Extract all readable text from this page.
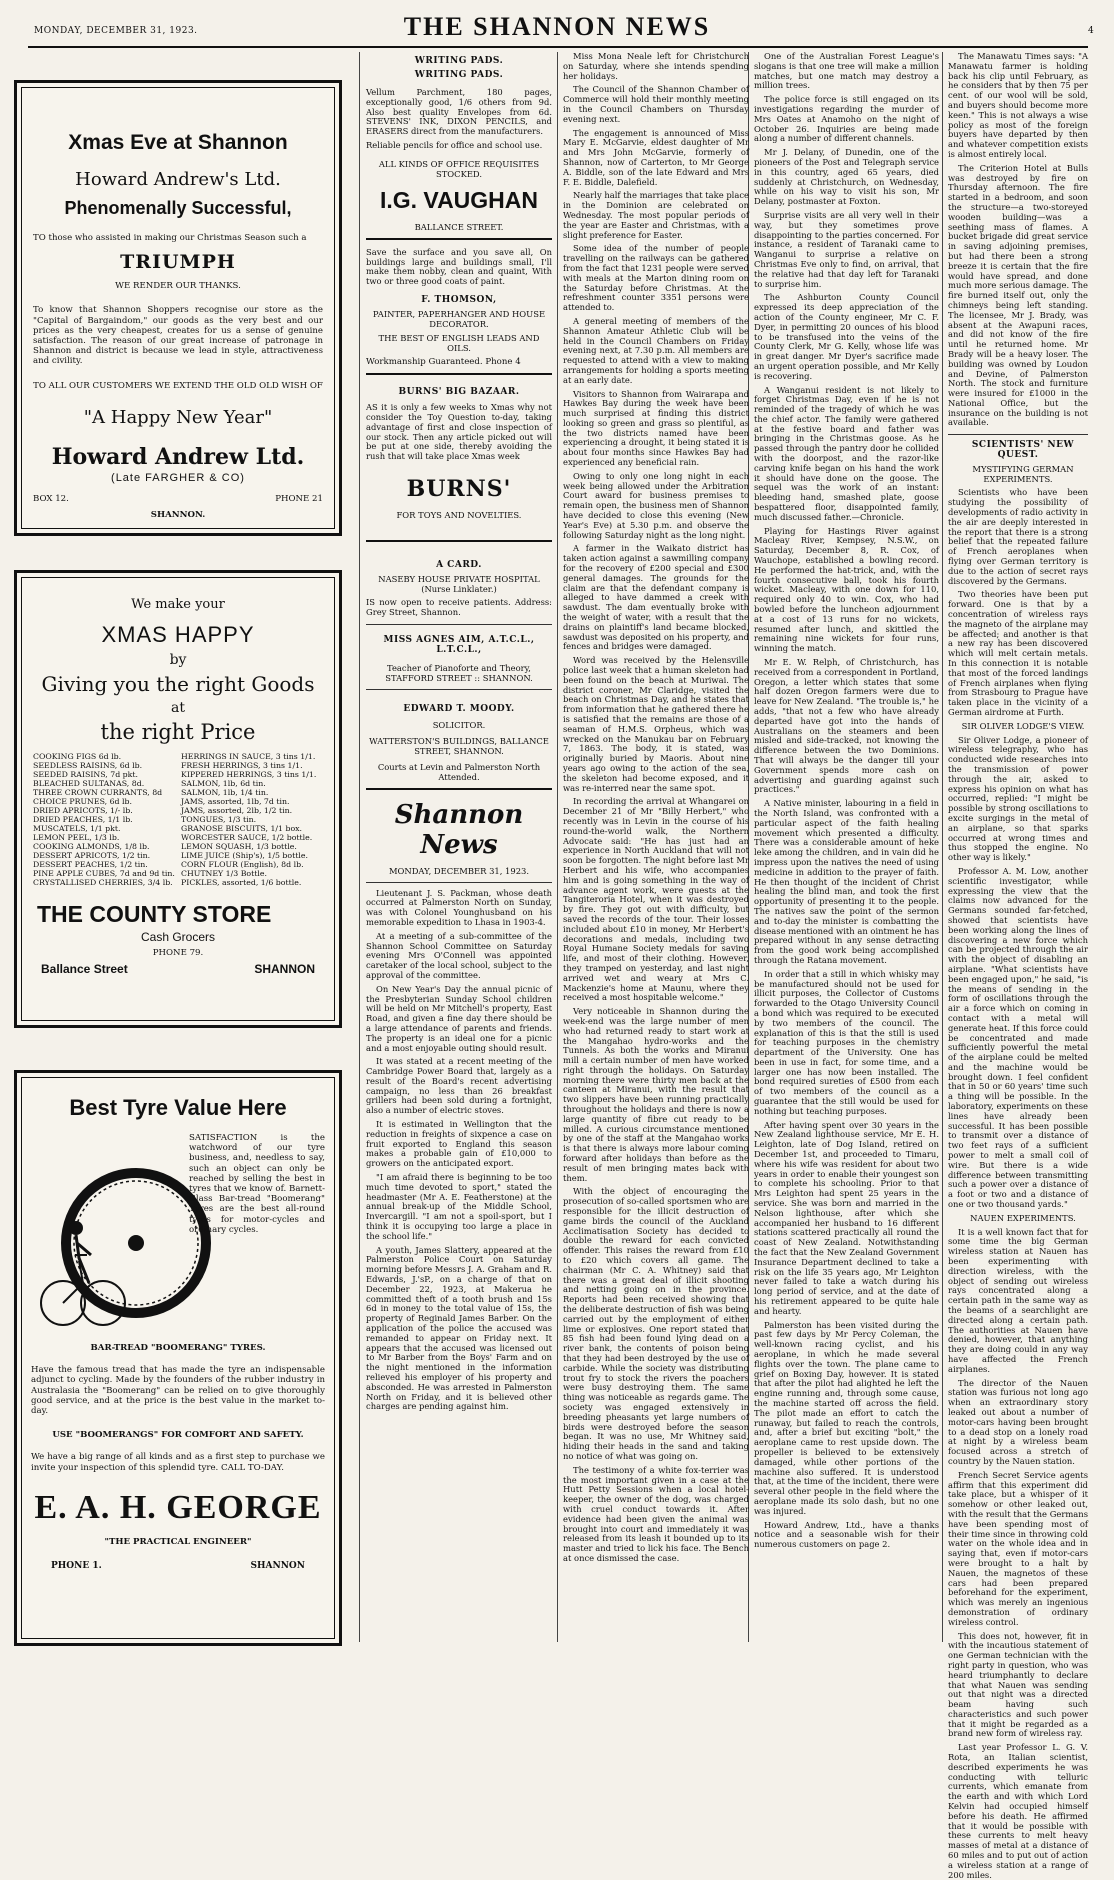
MONDAY, DECEMBER 31, 1923.	THE SHANNON NEWS	4

Xmas Eve at Shannon

Howard Andrew's Ltd.

Phenomenally Successful,

TO those who assisted in making our Christmas Season such a

TRIUMPH

WE RENDER OUR THANKS.

To know that Shannon Shoppers recognise our store as the "Capital of Bargaindom," our goods as the very best and our prices as the very cheapest, creates for us a sense of genuine satisfaction. The reason of our great increase of patronage in Shannon and district is because we lead in style, attractiveness and civility.

TO ALL OUR CUSTOMERS WE EXTEND THE OLD OLD WISH OF

"A Happy New Year"

Howard Andrew Ltd.

(Late FARGHER & CO)

BOX 12.	PHONE 21

SHANNON.

We make your

XMAS HAPPY

by

Giving you the right Goods

at

the right Price

COOKING FIGS 6d lb.
SEEDLESS RAISINS, 6d lb.
SEEDED RAISINS, 7d pkt.
BLEACHED SULTANAS, 8d.
THREE CROWN CURRANTS, 8d
CHOICE PRUNES, 6d lb.
DRIED APRICOTS, 1/- lb.
DRIED PEACHES, 1/1 lb.
MUSCATELS, 1/1 pkt.
LEMON PEEL, 1/3 lb.
COOKING ALMONDS, 1/8 lb.
DESSERT APRICOTS, 1/2 tin.
DESSERT PEACHES, 1/2 tin.
PINE APPLE CUBES, 7d and 9d tin.
CRYSTALLISED CHERRIES, 3/4 lb.
HERRINGS IN SAUCE, 3 tins 1/1.
FRESH HERRINGS, 3 tins 1/1.
KIPPERED HERRINGS, 3 tins 1/1.
SALMON, 1lb, 6d tin.
SALMON, 1lb, 1/4 tin.
JAMS, assorted, 1lb, 7d tin.
JAMS, assorted, 2lb, 1/2 tin.
TONGUES, 1/3 tin.
GRANOSE BISCUITS, 1/1 box.
WORCESTER SAUCE, 1/2 bottle.
LEMON SQUASH, 1/3 bottle.
LIME JUICE (Ship's), 1/5 bottle.
CORN FLOUR (English), 8d lb.
CHUTNEY 1/3 Bottle.
PICKLES, assorted, 1/6 bottle.

THE COUNTY STORE

Cash Grocers

PHONE 79.

Ballance Street	SHANNON

Best Tyre Value Here

SATISFACTION is the watchword of our tyre business, and, needless to say, such an object can only be reached by selling the best in tyres that we know of. Barnett-Glass Bar-tread "Boomerang" Tyres are the best all-round tyres for motor-cycles and ordinary cycles.

BAR-TREAD "BOOMERANG" TYRES.

Have the famous tread that has made the tyre an indispensable adjunct to cycling. Made by the founders of the rubber industry in Australasia the "Boomerang" can be relied on to give thoroughly good service, and at the price is the best value in the market to-day.

USE "BOOMERANGS" FOR COMFORT AND SAFETY.

We have a big range of all kinds and as a first step to purchase we invite your inspection of this splendid tyre. CALL TO-DAY.

E. A. H. GEORGE

"THE PRACTICAL ENGINEER"

PHONE 1.	SHANNON

WRITING PADS.

WRITING PADS.

Vellum Parchment, 180 pages, exceptionally good, 1/6 others from 9d. Also best quality Envelopes from 6d. STEVENS' INK, DIXON PENCILS, and ERASERS direct from the manufacturers.

Reliable pencils for office and school use.

ALL KINDS OF OFFICE REQUISITES STOCKED.

I.G. VAUGHAN

BALLANCE STREET.

Save the surface and you save all, On buildings large and buildings small, I'll make them nobby, clean and quaint, With two or three good coats of paint.

F. THOMSON,

PAINTER, PAPERHANGER AND HOUSE DECORATOR.

THE BEST OF ENGLISH LEADS AND OILS.

Workmanship Guaranteed. Phone 4

BURNS' BIG BAZAAR.

AS it is only a few weeks to Xmas why not consider the Toy Question to-day, taking advantage of first and close inspection of our stock. Then any article picked out will be put at one side, thereby avoiding the rush that will take place Xmas week

BURNS'

FOR TOYS AND NOVELTIES.

A CARD.

NASEBY HOUSE PRIVATE HOSPITAL (Nurse Linklater.)

IS now open to receive patients. Address: Grey Street, Shannon.

MISS AGNES AIM, A.T.C.L., L.T.C.L.,

Teacher of Pianoforte and Theory, STAFFORD STREET :: SHANNON.

EDWARD T. MOODY.

SOLICITOR.

WATTERSTON'S BUILDINGS, BALLANCE STREET, SHANNON.

Courts at Levin and Palmerston North Attended.

Shannon News

MONDAY, DECEMBER 31, 1923.

Lieutenant J. S. Packman, whose death occurred at Palmerston North on Sunday, was with Colonel Younghusband on his memorable expedition to Lhasa in 1903-4.

At a meeting of a sub-committee of the Shannon School Committee on Saturday evening Mrs O'Connell was appointed caretaker of the local school, subject to the approval of the committee.

On New Year's Day the annual picnic of the Presbyterian Sunday School children will be held on Mr Mitchell's property, East Road, and given a fine day there should be a large attendance of parents and friends. The property is an ideal one for a picnic and a most enjoyable outing should result.

It was stated at a recent meeting of the Cambridge Power Board that, largely as a result of the Board's recent advertising campaign, no less than 26 breakfast grillers had been sold during a fortnight, also a number of electric stoves.

It is estimated in Wellington that the reduction in freights of sixpence a case on fruit exported to England this season makes a probable gain of £10,000 to growers on the anticipated export.

"I am afraid there is beginning to be too much time devoted to sport," stated the headmaster (Mr A. E. Featherstone) at the annual break-up of the Middle School, Invercargill. "I am not a spoil-sport, but I think it is occupying too large a place in the school life."

A youth, James Slattery, appeared at the Palmerston Police Court on Saturday morning before Messrs J. A. Graham and R. Edwards, J.'sP., on a charge of that on December 22, 1923, at Makerua he committed theft of a tooth brush and 15s 6d in money to the total value of 15s, the property of Reginald James Barber. On the application of the police the accused was remanded to appear on Friday next. It appears that the accused was licensed out to Mr Barber from the Boys' Farm and on the night mentioned in the information relieved his employer of his property and absconded. He was arrested in Palmerston North on Friday, and it is believed other charges are pending against him.

Miss Mona Neale left for Christchurch on Saturday, where she intends spending her holidays.

The Council of the Shannon Chamber of Commerce will hold their monthly meeting in the Council Chambers on Thursday evening next.

The engagement is announced of Miss Mary E. McGarvie, eldest daughter of Mr and Mrs John McGarvie, formerly of Shannon, now of Carterton, to Mr George A. Biddle, son of the late Edward and Mrs F. E. Biddle, Dalefield.

Nearly half the marriages that take place in the Dominion are celebrated on Wednesday. The most popular periods of the year are Easter and Christmas, with a slight preference for Easter.

Some idea of the number of people travelling on the railways can be gathered from the fact that 1231 people were served with meals at the Marton dining room on the Saturday before Christmas. At the refreshment counter 3351 persons were attended to.

A general meeting of members of the Shannon Amateur Athletic Club will be held in the Council Chambers on Friday evening next, at 7.30 p.m. All members are requested to attend with a view to making arrangements for holding a sports meeting at an early date.

Visitors to Shannon from Wairarapa and Hawkes Bay during the week have been much surprised at finding this district looking so green and grass so plentiful, as the two districts named have been experiencing a drought, it being stated it is about four months since Hawkes Bay had experienced any beneficial rain.

Owing to only one long night in each week being allowed under the Arbitration Court award for business premises to remain open, the business men of Shannon have decided to close this evening (New Year's Eve) at 5.30 p.m. and observe the following Saturday night as the long night.

A farmer in the Waikato district has taken action against a sawmilling company for the recovery of £200 special and £300 general damages. The grounds for the claim are that the defendant company is alleged to have dammed a creek with sawdust. The dam eventually broke with the weight of water, with a result that the drains on plaintiff's land became blocked, sawdust was deposited on his property, and fences and bridges were damaged.

Word was received by the Helensville police last week that a human skeleton had been found on the beach at Muriwai. The district coroner, Mr Claridge, visited the beach on Christmas Day, and he states that from information that he gathered there he is satisfied that the remains are those of a seaman of H.M.S. Orpheus, which was wrecked on the Manukau bar on February 7, 1863. The body, it is stated, was originally buried by Maoris. About nine years ago owing to the action of the sea, the skeleton had become exposed, and it was re-interred near the same spot.

In recording the arrival at Whangarei on December 21 of Mr "Billy Herbert," who recently was in Levin in the course of his round-the-world walk, the Northern Advocate said: "He has just had an experience in North Auckland that will not soon be forgotten. The night before last Mr Herbert and his wife, who accompanies him and is going something in the way of advance agent work, were guests at the Tangiteroria Hotel, when it was destroyed by fire. They got out with difficulty, but saved the records of the tour. Their losses included about £10 in money, Mr Herbert's decorations and medals, including two Royal Humane Society medals for saving life, and most of their clothing. However, they tramped on yesterday, and last night arrived wet and weary at Mrs C. Mackenzie's home at Maunu, where they received a most hospitable welcome."

Very noticeable in Shannon during the week-end was the large number of men who had returned ready to start work at the Mangahao hydro-works and the Tunnels. As both the works and Miranui mill a certain number of men have worked right through the holidays. On Saturday morning there were thirty men back at the canteen at Miranui, with the result that two slippers have been running practically throughout the holidays and there is now a large quantity of fibre cut ready to be milled. A curious circumstance mentioned by one of the staff at the Mangahao works is that there is always more labour coming forward after holidays than before as the result of men bringing mates back with them.

With the object of encouraging the prosecution of so-called sportsmen who are responsible for the illicit destruction of game birds the council of the Auckland Acclimatisation Society has decided to double the reward for each convicted offender. This raises the reward from £10 to £20 which covers all game. The chairman (Mr C. A. Whitney) said that there was a great deal of illicit shooting and netting going on in the province. Reports had been received showing that the deliberate destruction of fish was being carried out by the employment of either lime or explosives. One report stated that 85 fish had been found lying dead on a river bank, the contents of poison being that they had been destroyed by the use of carbide. While the society was distributing trout fry to stock the rivers the poachers were busy destroying them. The same thing was noticeable as regards game. The society was engaged extensively in breeding pheasants yet large numbers of birds were destroyed before the season began. It was no use, Mr Whitney said, hiding their heads in the sand and taking no notice of what was going on.

The testimony of a white fox-terrier was the most important given in a case at the Hutt Petty Sessions when a local hotel-keeper, the owner of the dog, was charged with cruel conduct towards it. After evidence had been given the animal was brought into court and immediately it was released from its leash it bounded up to its master and tried to lick his face. The Bench at once dismissed the case.

One of the Australian Forest League's slogans is that one tree will make a million matches, but one match may destroy a million trees.

The police force is still engaged on its investigations regarding the murder of Mrs Oates at Anamoho on the night of October 26. Inquiries are being made along a number of different channels.

Mr J. Delany, of Dunedin, one of the pioneers of the Post and Telegraph service in this country, aged 65 years, died suddenly at Christchurch, on Wednesday, while on his way to visit his son, Mr Delany, postmaster at Foxton.

Surprise visits are all very well in their way, but they sometimes prove disappointing to the parties concerned. For instance, a resident of Taranaki came to Wanganui to surprise a relative on Christmas Eve only to find, on arrival, that the relative had that day left for Taranaki to surprise him.

The Ashburton County Council expressed its deep appreciation of the action of the County engineer, Mr C. F. Dyer, in permitting 20 ounces of his blood to be transfused into the veins of the County Clerk, Mr G. Kelly, whose life was in great danger. Mr Dyer's sacrifice made an urgent operation possible, and Mr Kelly is recovering.

A Wanganui resident is not likely to forget Christmas Day, even if he is not reminded of the tragedy of which he was the chief actor. The family were gathered at the festive board and father was bringing in the Christmas goose. As he passed through the pantry door he collided with the doorpost, and the razor-like carving knife began on his hand the work it should have done on the goose. The sequel was the work of an instant: bleeding hand, smashed plate, goose bespattered floor, disappointed family, much discussed father.—Chronicle.

Playing for Hastings River against Macleay River, Kempsey, N.S.W., on Saturday, December 8, R. Cox, of Wauchope, established a bowling record. He performed the hat-trick, and, with the fourth consecutive ball, took his fourth wicket. Macleay, with one down for 110, required only 40 to win. Cox, who had bowled before the luncheon adjournment at a cost of 13 runs for no wickets, resumed after lunch, and skittled the remaining nine wickets for four runs, winning the match.

Mr E. W. Relph, of Christchurch, has received from a correspondent in Portland, Oregon, a letter which states that some half dozen Oregon farmers were due to leave for New Zealand. "The trouble is," he adds, "that not a few who have already departed have got into the hands of Australians on the steamers and been misled and side-tracked, not knowing the difference between the two Dominions. That will always be the danger till your Government spends more cash on advertising and guarding against such practices."

A Native minister, labouring in a field in the North Island, was confronted with a particular aspect of the faith healing movement which presented a difficulty. There was a considerable amount of heke leke among the children, and in vain did he impress upon the natives the need of using medicine in addition to the prayer of faith. He then thought of the incident of Christ healing the blind man, and took the first opportunity of presenting it to the people. The natives saw the point of the sermon and to-day the minister is combatting the disease mentioned with an ointment he has prepared without in any sense detracting from the good work being accomplished through the Ratana movement.

In order that a still in which whisky may be manufactured should not be used for illicit purposes, the Collector of Customs forwarded to the Otago University Council a bond which was required to be executed by two members of the council. The explanation of this is that the still is used for teaching purposes in the chemistry department of the University. One has been in use in fact, for some time, and a larger one has now been installed. The bond required sureties of £500 from each of two members of the council as a guarantee that the still would be used for nothing but teaching purposes.

After having spent over 30 years in the New Zealand lighthouse service, Mr E. H. Leighton, late of Dog Island, retired on December 1st, and proceeded to Timaru, where his wife was resident for about two years in order to enable their youngest son to complete his schooling. Prior to that Mrs Leighton had spent 25 years in the service. She was born and married in the Nelson lighthouse, after which she accompanied her husband to 16 different stations scattered practically all round the coast of New Zealand. Notwithstanding the fact that the New Zealand Government Insurance Department declined to take a risk on the life 35 years ago, Mr Leighton never failed to take a watch during his long period of service, and at the date of his retirement appeared to be quite hale and hearty.

Palmerston has been visited during the past few days by Mr Percy Coleman, the well-known racing cyclist, and his aeroplane, in which he made several flights over the town. The plane came to grief on Boxing Day, however. It is stated that after the pilot had alighted he left the engine running and, through some cause, the machine started off across the field. The pilot made an effort to catch the runaway, but failed to reach the controls, and, after a brief but exciting "bolt," the aeroplane came to rest upside down. The propeller is believed to be extensively damaged, while other portions of the machine also suffered. It is understood that, at the time of the incident, there were several other people in the field where the aeroplane made its solo dash, but no one was injured.

Howard Andrew, Ltd., have a thanks notice and a seasonable wish for their numerous customers on page 2.

The Manawatu Times says: "A Manawatu farmer is holding back his clip until February, as he considers that by then 75 per cent. of our wool will be sold, and buyers should become more keen." This is not always a wise policy as most of the foreign buyers have departed by then and whatever competition exists is almost entirely local.

The Criterion Hotel at Bulls was destroyed by fire on Thursday afternoon. The fire started in a bedroom, and soon the structure—a two-storeyed wooden building—was a seething mass of flames. A bucket brigade did great service in saving adjoining premises, but had there been a strong breeze it is certain that the fire would have spread, and done much more serious damage. The fire burned itself out, only the chimneys being left standing. The licensee, Mr J. Brady, was absent at the Awapuni races, and did not know of the fire until he returned home. Mr Brady will be a heavy loser. The building was owned by Loudon and Devine, of Palmerston North. The stock and furniture were insured for £1000 in the National Office, but the insurance on the building is not available.

SCIENTISTS' NEW QUEST.

MYSTIFYING GERMAN EXPERIMENTS.

Scientists who have been studying the possibility of developments of radio activity in the air are deeply interested in the report that there is a strong belief that the repeated failure of French aeroplanes when flying over German territory is due to the action of secret rays discovered by the Germans.

Two theories have been put forward. One is that by a concentration of wireless rays the magneto of the airplane may be affected; and another is that a new ray has been discovered which will melt certain metals. In this connection it is notable that most of the forced landings of French airplanes when flying from Strasbourg to Prague have taken place in the vicinity of a German airdrome at Furth.

SIR OLIVER LODGE'S VIEW.

Sir Oliver Lodge, a pioneer of wireless telegraphy, who has conducted wide researches into the transmission of power through the air, asked to express his opinion on what has occurred, replied: "I might be possible by strong oscillations to excite surgings in the metal of an airplane, so that sparks occurred at wrong times and thus stopped the engine. No other way is likely."

Professor A. M. Low, another scientific investigator, while expressing the view that the claims now advanced for the Germans sounded far-fetched, showed that scientists have been working along the lines of discovering a new force which can be projected through the air with the object of disabling an airplane. "What scientists have been engaged upon," he said, "is the means of sending in the form of oscillations through the air a force which on coming in contact with a metal will generate heat. If this force could be concentrated and made sufficiently powerful the metal of the airplane could be melted and the machine would be brought down. I feel confident that in 50 or 60 years' time such a thing will be possible. In the laboratory, experiments on these lines have already been successful. It has been possible to transmit over a distance of two feet rays of a sufficient power to melt a small coil of wire. But there is a wide difference between transmitting such a power over a distance of a foot or two and a distance of one or two thousand yards."

NAUEN EXPERIMENTS.

It is a well known fact that for some time the big German wireless station at Nauen has been experimenting with direction wireless, with the object of sending out wireless rays concentrated along a certain path in the same way as the beams of a searchlight are directed along a certain path. The authorities at Nauen have denied, however, that anything they are doing could in any way have affected the French airplanes.

The director of the Nauen station was furious not long ago when an extraordinary story leaked out about a number of motor-cars having been brought to a dead stop on a lonely road at night by a wireless beam focused across a stretch of country by the Nauen station.

French Secret Service agents affirm that this experiment did take place, but a whisper of it somehow or other leaked out, with the result that the Germans have been spending most of their time since in throwing cold water on the whole idea and in saying that, even if motor-cars were brought to a halt by Nauen, the magnetos of these cars had been prepared beforehand for the experiment, which was merely an ingenious demonstration of ordinary wireless control.

This does not, however, fit in with the incautious statement of one German technician with the right party in question, who was heard triumphantly to declare that what Nauen was sending out that night was a directed beam having such characteristics and such power that it might be regarded as a brand new form of wireless ray.

Last year Professor L. G. V. Rota, an Italian scientist, described experiments he was conducting with telluric currents, which emanate from the earth and with which Lord Kelvin had occupied himself before his death. He affirmed that it would be possible with these currents to melt heavy masses of metal at a distance of 60 miles and to put out of action a wireless station at a range of 200 miles.
